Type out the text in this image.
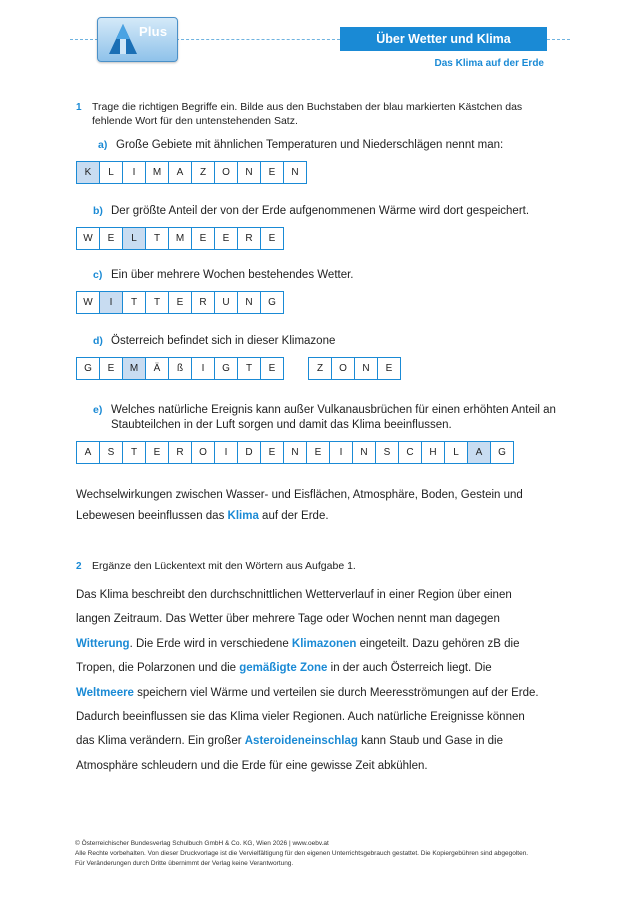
Plus	Über Wetter und Klima
Das Klima auf der Erde
1 Trage die richtigen Begriffe ein. Bilde aus den Buchstaben der blau markierten Kästchen das fehlende Wort für den untenstehenden Satz.
a) Große Gebiete mit ähnlichen Temperaturen und Niederschlägen nennt man:
K	L	I	M	A	Z	O	N	E	N
b) Der größte Anteil der von der Erde aufgenommenen Wärme wird dort gespeichert.
W	E	L	T	M	E	E	R	E
c) Ein über mehrere Wochen bestehendes Wetter.
W	I	T	T	E	R	U	N	G
d) Österreich befindet sich in dieser Klimazone
G	E	M	Ä	ß	I	G	T	E	Z	O	N	E
e) Welches natürliche Ereignis kann außer Vulkanausbrüchen für einen erhöhten Anteil an Staubteilchen in der Luft sorgen und damit das Klima beeinflussen.
A	S	T	E	R	O	I	D	E	N	E	I	N	S	C	H	L	A	G
Wechselwirkungen zwischen Wasser- und Eisflächen, Atmosphäre, Boden, Gestein und Lebewesen beeinflussen das Klima auf der Erde.
2 Ergänze den Lückentext mit den Wörtern aus Aufgabe 1.
Das Klima beschreibt den durchschnittlichen Wetterverlauf in einer Region über einen langen Zeitraum. Das Wetter über mehrere Tage oder Wochen nennt man dagegen Witterung. Die Erde wird in verschiedene Klimazonen eingeteilt. Dazu gehören zB die Tropen, die Polarzonen und die gemäßigte Zone in der auch Österreich liegt. Die Weltmeere speichern viel Wärme und verteilen sie durch Meeresströmungen auf der Erde. Dadurch beeinflussen sie das Klima vieler Regionen. Auch natürliche Ereignisse können das Klima verändern. Ein großer Asteroideneinschlag kann Staub und Gase in die Atmosphäre schleudern und die Erde für eine gewisse Zeit abkühlen.
© Österreichischer Bundesverlag Schulbuch GmbH & Co. KG, Wien 2026 | www.oebv.at
Alle Rechte vorbehalten. Von dieser Druckvorlage ist die Vervielfältigung für den eigenen Unterrichtsgebrauch gestattet. Die Kopiergebühren sind abgegolten.
Für Veränderungen durch Dritte übernimmt der Verlag keine Verantwortung.
